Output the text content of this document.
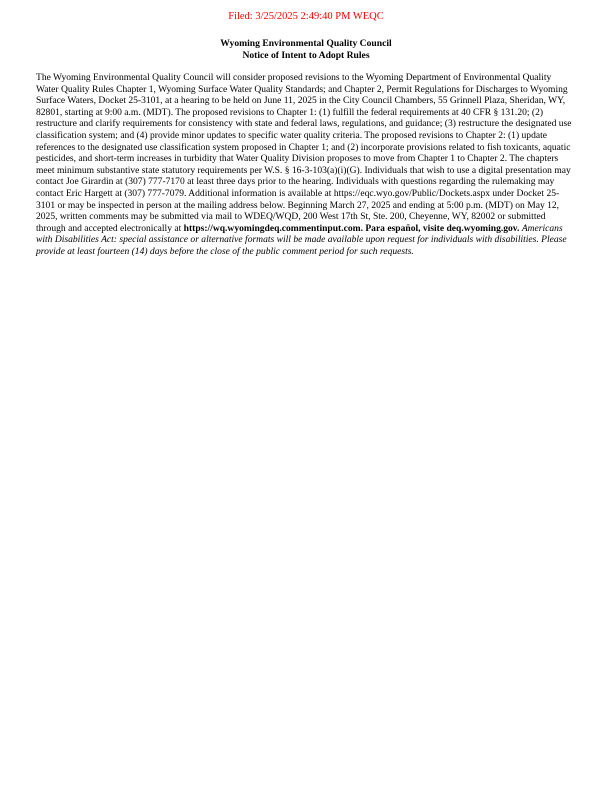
Filed: 3/25/2025 2:49:40 PM WEQC
Wyoming Environmental Quality Council
Notice of Intent to Adopt Rules

The Wyoming Environmental Quality Council will consider proposed revisions to the Wyoming Department of Environmental Quality Water Quality Rules Chapter 1, Wyoming Surface Water Quality Standards; and Chapter 2, Permit Regulations for Discharges to Wyoming Surface Waters, Docket 25-3101, at a hearing to be held on June 11, 2025 in the City Council Chambers, 55 Grinnell Plaza, Sheridan, WY, 82801, starting at 9:00 a.m. (MDT). The proposed revisions to Chapter 1: (1) fulfill the federal requirements at 40 CFR § 131.20; (2) restructure and clarify requirements for consistency with state and federal laws, regulations, and guidance; (3) restructure the designated use classification system; and (4) provide minor updates to specific water quality criteria. The proposed revisions to Chapter 2: (1) update references to the designated use classification system proposed in Chapter 1; and (2) incorporate provisions related to fish toxicants, aquatic pesticides, and short-term increases in turbidity that Water Quality Division proposes to move from Chapter 1 to Chapter 2. The chapters meet minimum substantive state statutory requirements per W.S. § 16-3-103(a)(i)(G). Individuals that wish to use a digital presentation may contact Joe Girardin at (307) 777-7170 at least three days prior to the hearing. Individuals with questions regarding the rulemaking may contact Eric Hargett at (307) 777-7079. Additional information is available at https://eqc.wyo.gov/Public/Dockets.aspx under Docket 25-3101 or may be inspected in person at the mailing address below. Beginning March 27, 2025 and ending at 5:00 p.m. (MDT) on May 12, 2025, written comments may be submitted via mail to WDEQ/WQD, 200 West 17th St, Ste. 200, Cheyenne, WY, 82002 or submitted through and accepted electronically at https://wq.wyomingdeq.commentinput.com. Para español, visite deq.wyoming.gov. Americans with Disabilities Act: special assistance or alternative formats will be made available upon request for individuals with disabilities. Please provide at least fourteen (14) days before the close of the public comment period for such requests.
